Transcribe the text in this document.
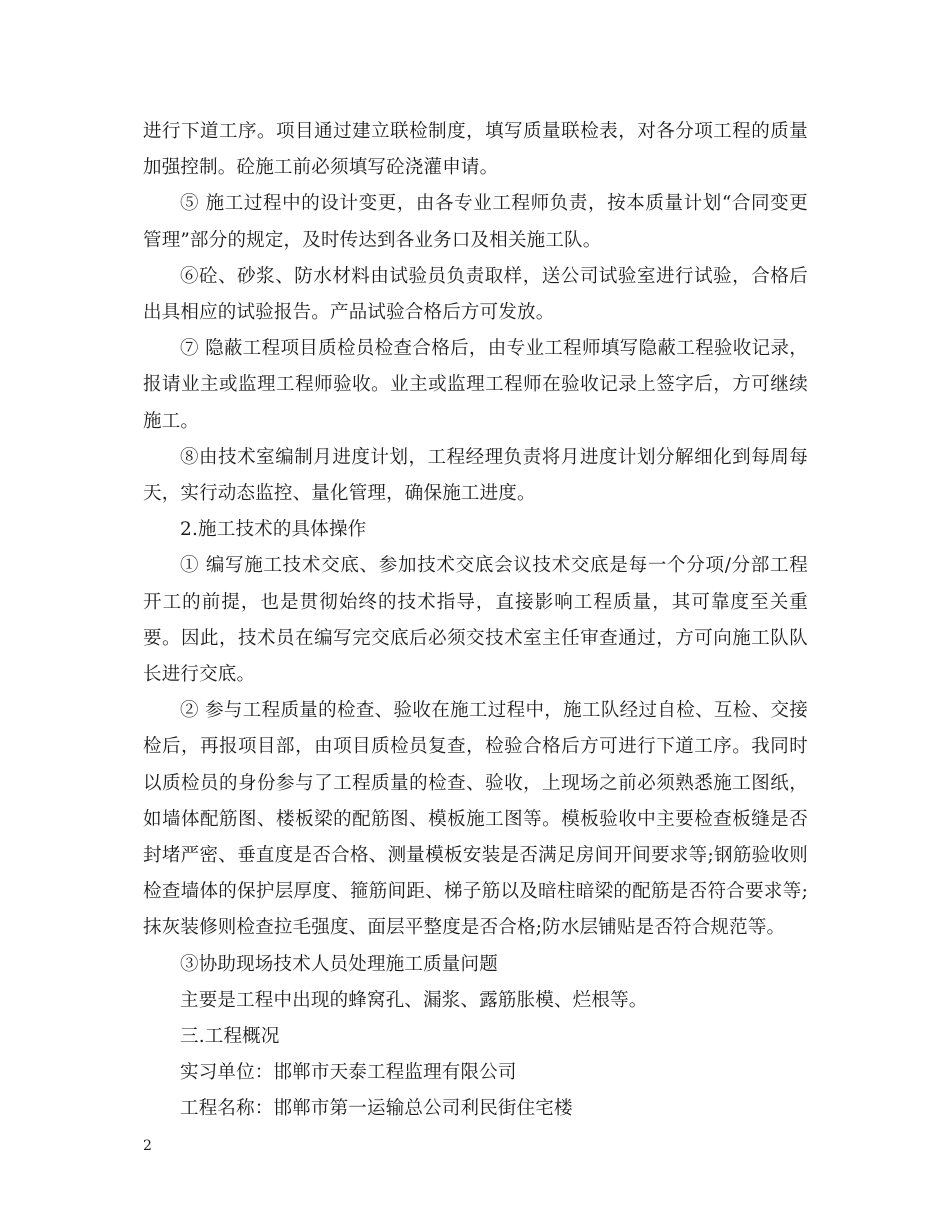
进行下道工序。项目通过建立联检制度，填写质量联检表，对各分项工程的质量加强控制。砼施工前必须填写砼浇灌申请。

⑤ 施工过程中的设计变更，由各专业工程师负责，按本质量计划“合同变更管理”部分的规定，及时传达到各业务口及相关施工队。

⑥砼、砂浆、防水材料由试验员负责取样，送公司试验室进行试验，合格后出具相应的试验报告。产品试验合格后方可发放。

⑦ 隐蔽工程项目质检员检查合格后，由专业工程师填写隐蔽工程验收记录，报请业主或监理工程师验收。业主或监理工程师在验收记录上签字后，方可继续施工。

⑧由技术室编制月进度计划，工程经理负责将月进度计划分解细化到每周每天，实行动态监控、量化管理，确保施工进度。

2.施工技术的具体操作

① 编写施工技术交底、参加技术交底会议技术交底是每一个分项/分部工程开工的前提，也是贯彻始终的技术指导，直接影响工程质量，其可靠度至关重要。因此，技术员在编写完交底后必须交技术室主任审查通过，方可向施工队队长进行交底。

② 参与工程质量的检查、验收在施工过程中，施工队经过自检、互检、交接检后，再报项目部，由项目质检员复查，检验合格后方可进行下道工序。我同时以质检员的身份参与了工程质量的检查、验收，上现场之前必须熟悉施工图纸，如墙体配筋图、楼板梁的配筋图、模板施工图等。模板验收中主要检查板缝是否封堵严密、垂直度是否合格、测量模板安装是否满足房间开间要求等;钢筋验收则检查墙体的保护层厚度、箍筋间距、梯子筋以及暗柱暗梁的配筋是否符合要求等;抹灰装修则检查拉毛强度、面层平整度是否合格;防水层铺贴是否符合规范等。

③协助现场技术人员处理施工质量问题

主要是工程中出现的蜂窝孔、漏浆、露筋胀模、烂根等。

三.工程概况

实习单位：邯郸市天泰工程监理有限公司

工程名称：邯郸市第一运输总公司利民街住宅楼

2
